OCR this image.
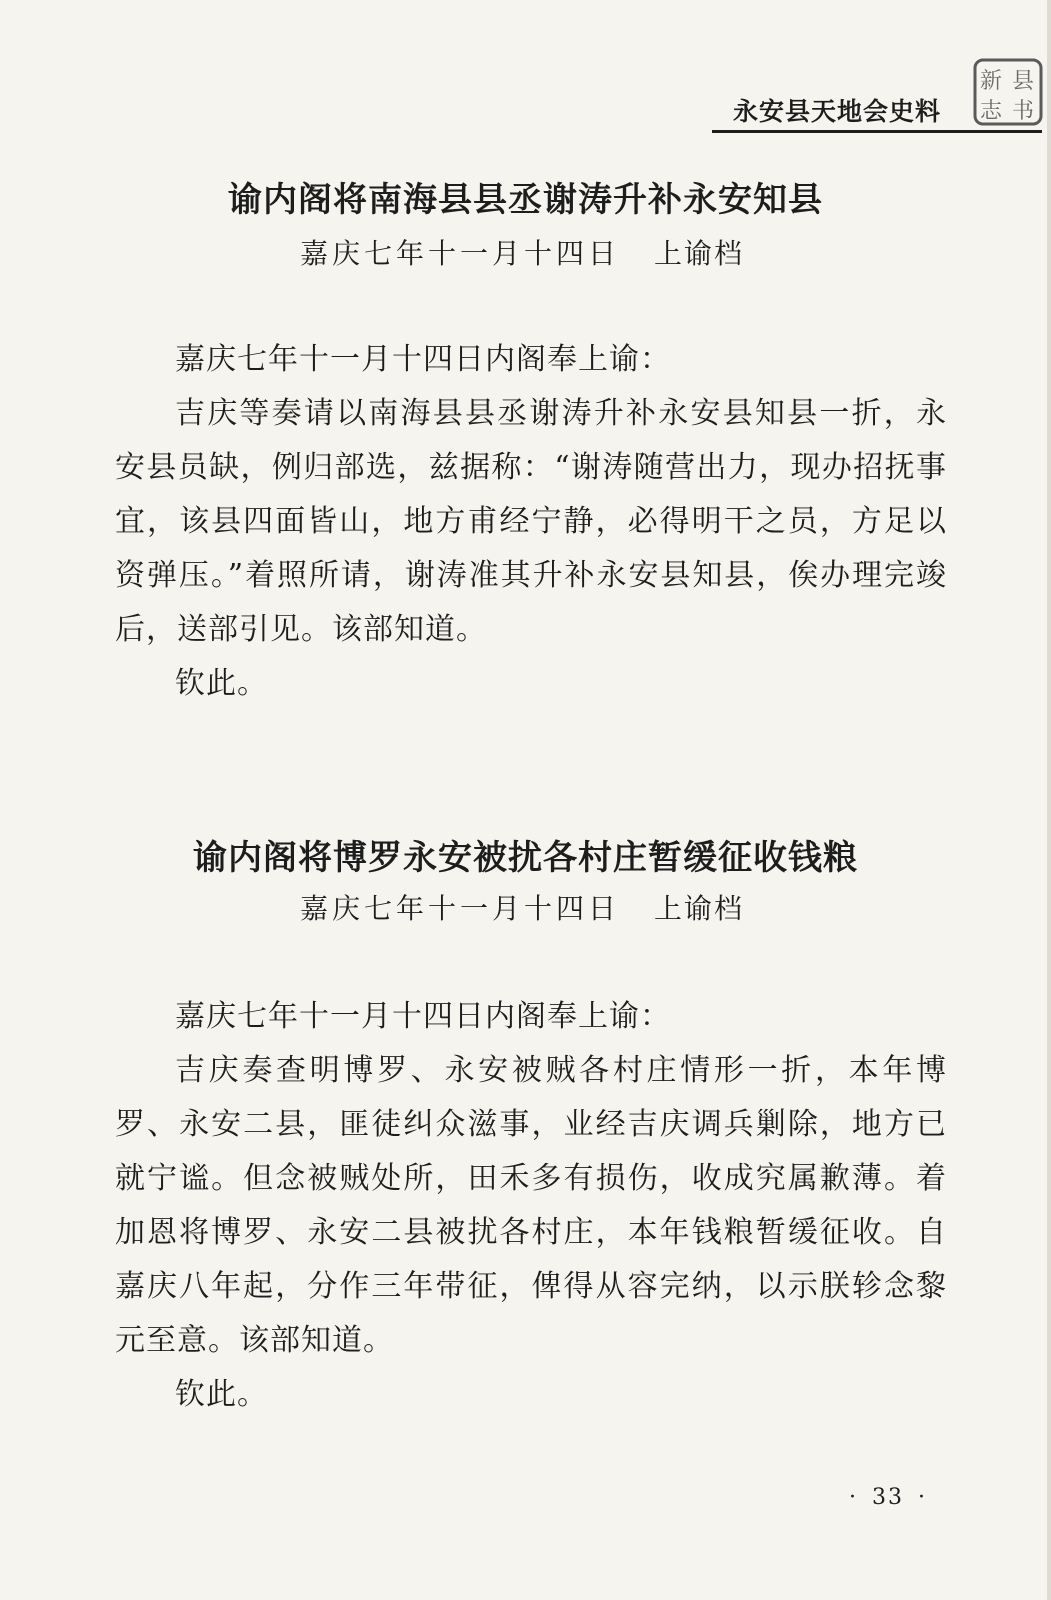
永安县天地会史料
新 县
志 书
谕内阁将南海县县丞谢涛升补永安知县
嘉庆七年十一月十四日 上谕档

嘉庆七年十一月十四日内阁奉上谕：

吉庆等奏请以南海县县丞谢涛升补永安县知县一折，永安县员缺，例归部选，兹据称：“谢涛随营出力，现办招抚事宜，该县四面皆山，地方甫经宁静，必得明干之员，方足以资弹压。”着照所请，谢涛准其升补永安县知县，俟办理完竣后，送部引见。该部知道。

钦此。

谕内阁将博罗永安被扰各村庄暂缓征收钱粮
嘉庆七年十一月十四日 上谕档

嘉庆七年十一月十四日内阁奉上谕：

吉庆奏查明博罗、永安被贼各村庄情形一折，本年博罗、永安二县，匪徒纠众滋事，业经吉庆调兵剿除，地方已就宁谧。但念被贼处所，田禾多有损伤，收成究属歉薄。着加恩将博罗、永安二县被扰各村庄，本年钱粮暂缓征收。自嘉庆八年起，分作三年带征，俾得从容完纳，以示朕轸念黎元至意。该部知道。

钦此。

· 33 ·
